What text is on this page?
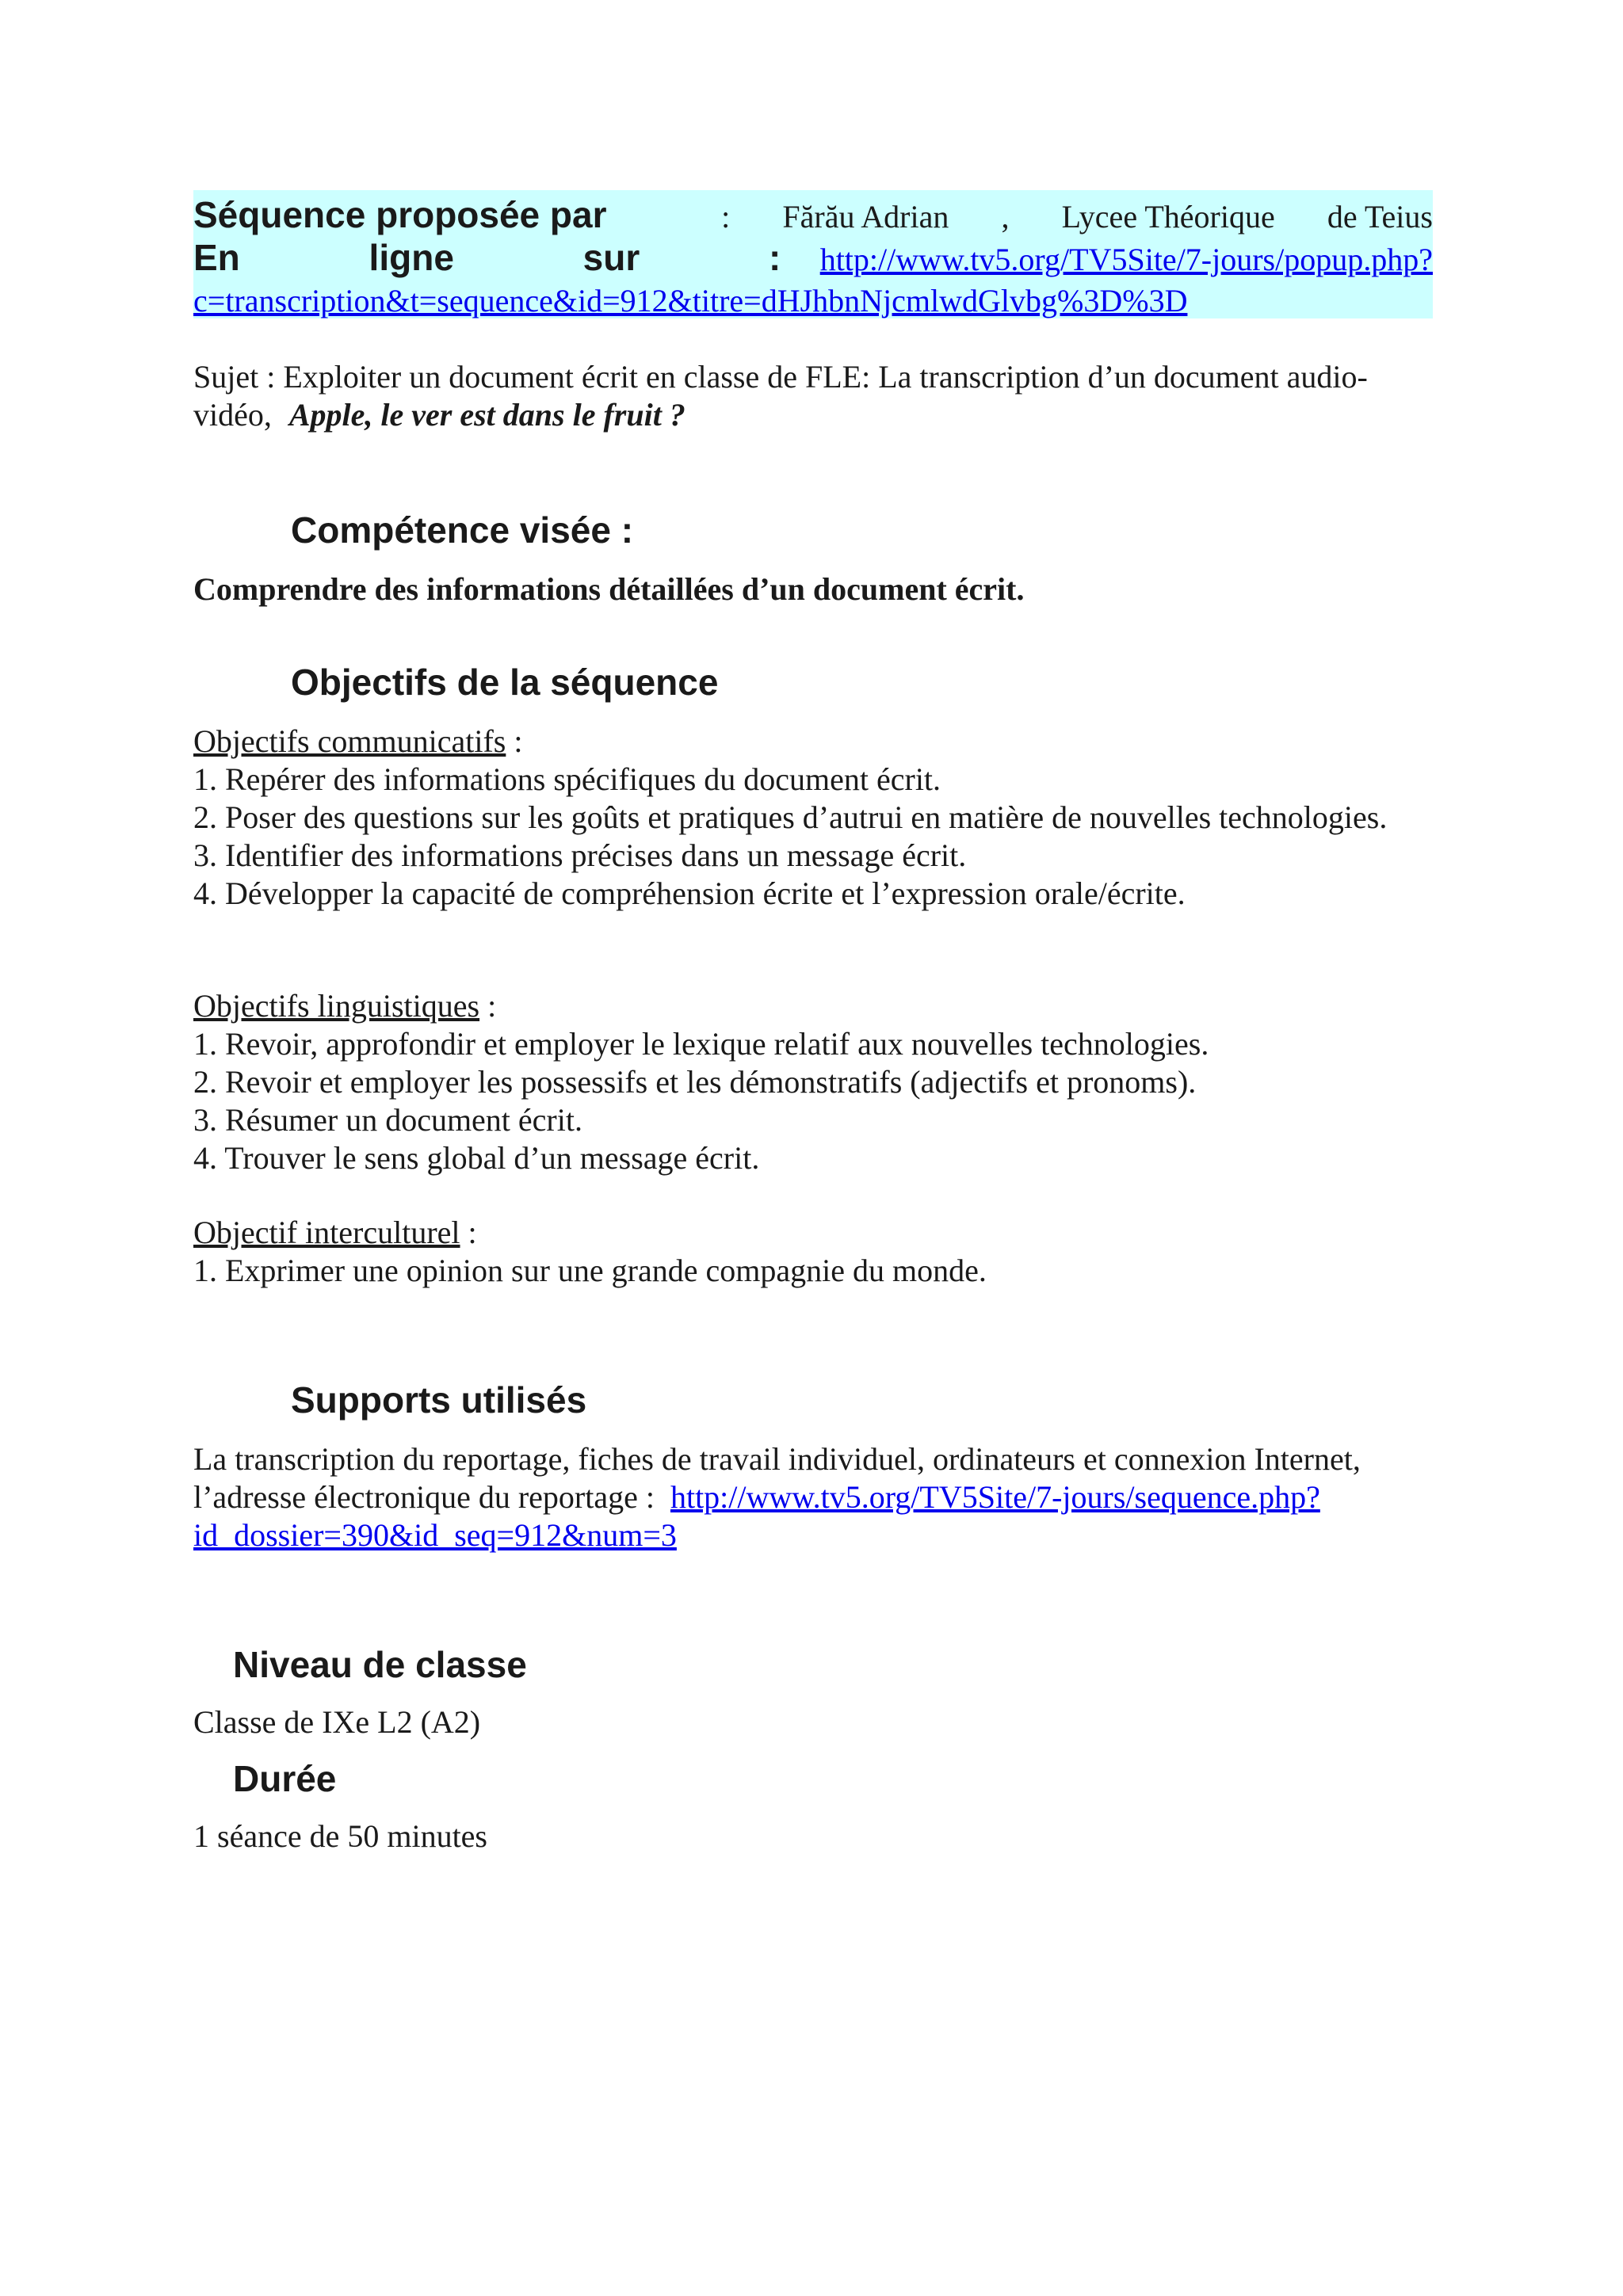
Séquence proposée par	: Fărău Adrian , Lycee Théorique de Teius
En ligne sur : http://www.tv5.org/TV5Site/7-jours/popup.php?
c=transcription&t=sequence&id=912&titre=dHJhbnNjcmlwdGlvbg%3D%3D
Sujet : Exploiter un document écrit en classe de FLE: La transcription d’un document audio-
vidéo, Apple, le ver est dans le fruit ?
Compétence visée :
Comprendre des informations détaillées d’un document écrit.
Objectifs de la séquence
Objectifs communicatifs :
1. Repérer des informations spécifiques du document écrit.
2. Poser des questions sur les goûts et pratiques d’autrui en matière de nouvelles technologies.
3. Identifier des informations précises dans un message écrit.
4. Développer la capacité de compréhension écrite et l’expression orale/écrite.
Objectifs linguistiques :
1. Revoir, approfondir et employer le lexique relatif aux nouvelles technologies.
2. Revoir et employer les possessifs et les démonstratifs (adjectifs et pronoms).
3. Résumer un document écrit.
4. Trouver le sens global d’un message écrit.
Objectif interculturel :
1. Exprimer une opinion sur une grande compagnie du monde.
Supports utilisés
La transcription du reportage, fiches de travail individuel, ordinateurs et connexion Internet,
l’adresse électronique du reportage : http://www.tv5.org/TV5Site/7-jours/sequence.php?
id_dossier=390&id_seq=912&num=3
Niveau de classe
Classe de IXe L2 (A2)
Durée
1 séance de 50 minutes
